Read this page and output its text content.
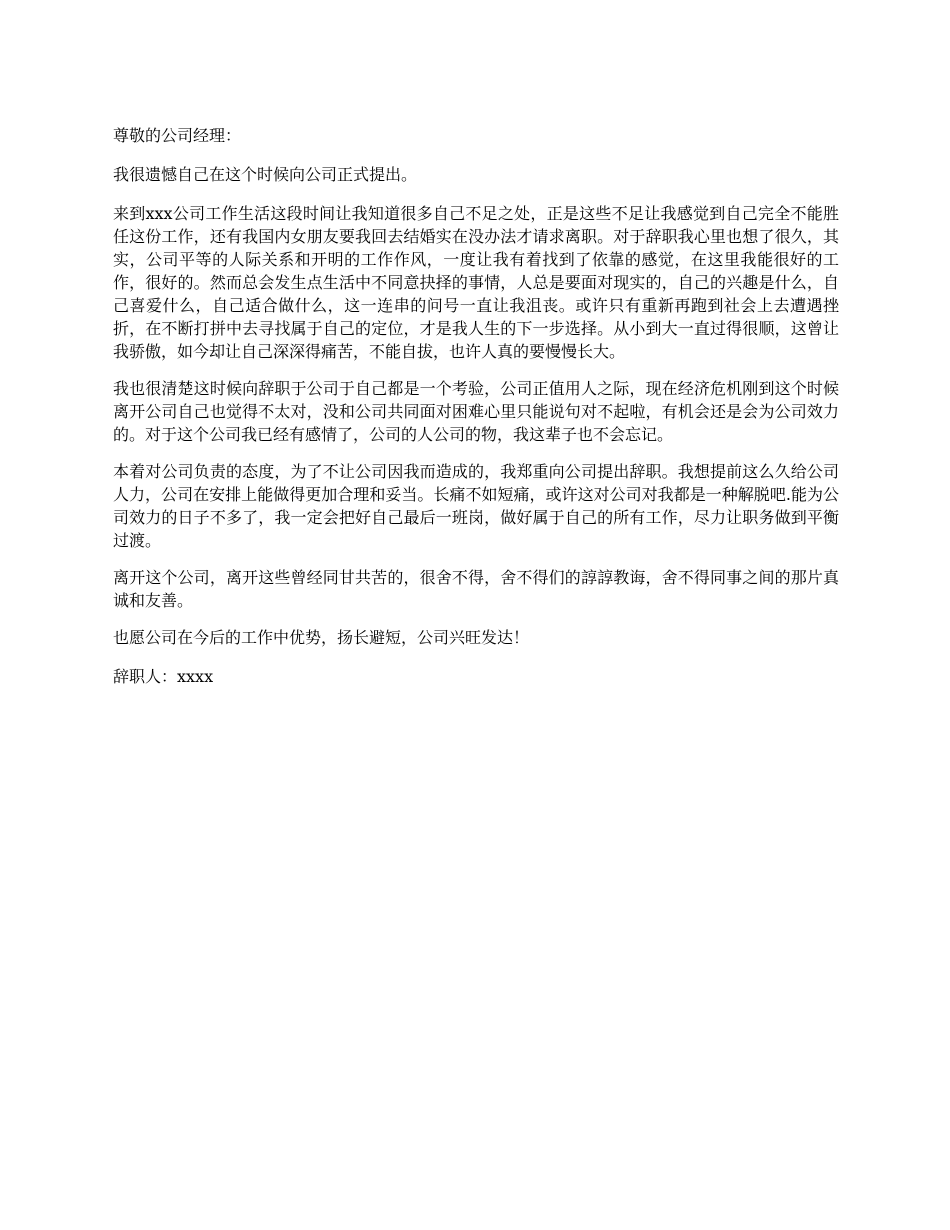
尊敬的公司经理：

我很遗憾自己在这个时候向公司正式提出。

来到xxx公司工作生活这段时间让我知道很多自己不足之处，正是这些不足让我感觉到自己完全不能胜任这份工作，还有我国内女朋友要我回去结婚实在没办法才请求离职。对于辞职我心里也想了很久，其实，公司平等的人际关系和开明的工作作风，一度让我有着找到了依靠的感觉，在这里我能很好的工作，很好的。然而总会发生点生活中不同意抉择的事情，人总是要面对现实的，自己的兴趣是什么，自己喜爱什么，自己适合做什么，这一连串的问号一直让我沮丧。或许只有重新再跑到社会上去遭遇挫折，在不断打拼中去寻找属于自己的定位，才是我人生的下一步选择。从小到大一直过得很顺，这曾让我骄傲，如今却让自己深深得痛苦，不能自拔，也许人真的要慢慢长大。

我也很清楚这时候向辞职于公司于自己都是一个考验，公司正值用人之际，现在经济危机刚到这个时候离开公司自己也觉得不太对，没和公司共同面对困难心里只能说句对不起啦，有机会还是会为公司效力的。对于这个公司我已经有感情了，公司的人公司的物，我这辈子也不会忘记。

本着对公司负责的态度，为了不让公司因我而造成的，我郑重向公司提出辞职。我想提前这么久给公司人力，公司在安排上能做得更加合理和妥当。长痛不如短痛，或许这对公司对我都是一种解脱吧.能为公司效力的日子不多了，我一定会把好自己最后一班岗，做好属于自己的所有工作，尽力让职务做到平衡过渡。

离开这个公司，离开这些曾经同甘共苦的，很舍不得，舍不得们的諄諄教诲，舍不得同事之间的那片真诚和友善。

也愿公司在今后的工作中优势，扬长避短，公司兴旺发达！

辞职人：xxxx
